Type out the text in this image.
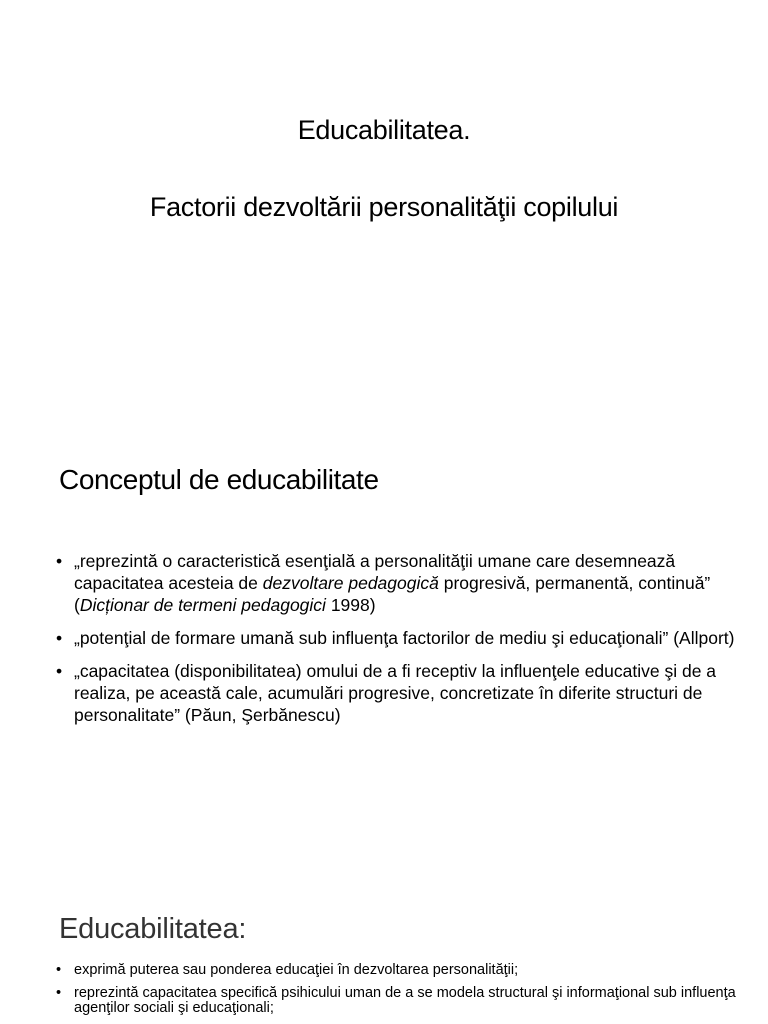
Educabilitatea.
Factorii dezvoltării personalităţii copilului
Conceptul de educabilitate
• „reprezintă o caracteristică esenţială a personalităţii umane care desemnează capacitatea acesteia de dezvoltare pedagogică progresivă, permanentă, continuă” (Dicționar de termeni pedagogici 1998)
• „potenţial de formare umană sub influenţa factorilor de mediu şi educaţionali” (Allport)
• „capacitatea (disponibilitatea) omului de a fi receptiv la influenţele educative şi de a realiza, pe această cale, acumulări progresive, concretizate în diferite structuri de personalitate” (Păun, Şerbănescu)
Educabilitatea:
• exprimă puterea sau ponderea educaţiei în dezvoltarea personalităţii;
• reprezintă capacitatea specifică psihicului uman de a se modela structural şi informaţional sub influenţa agenţilor sociali şi educaţionali;
